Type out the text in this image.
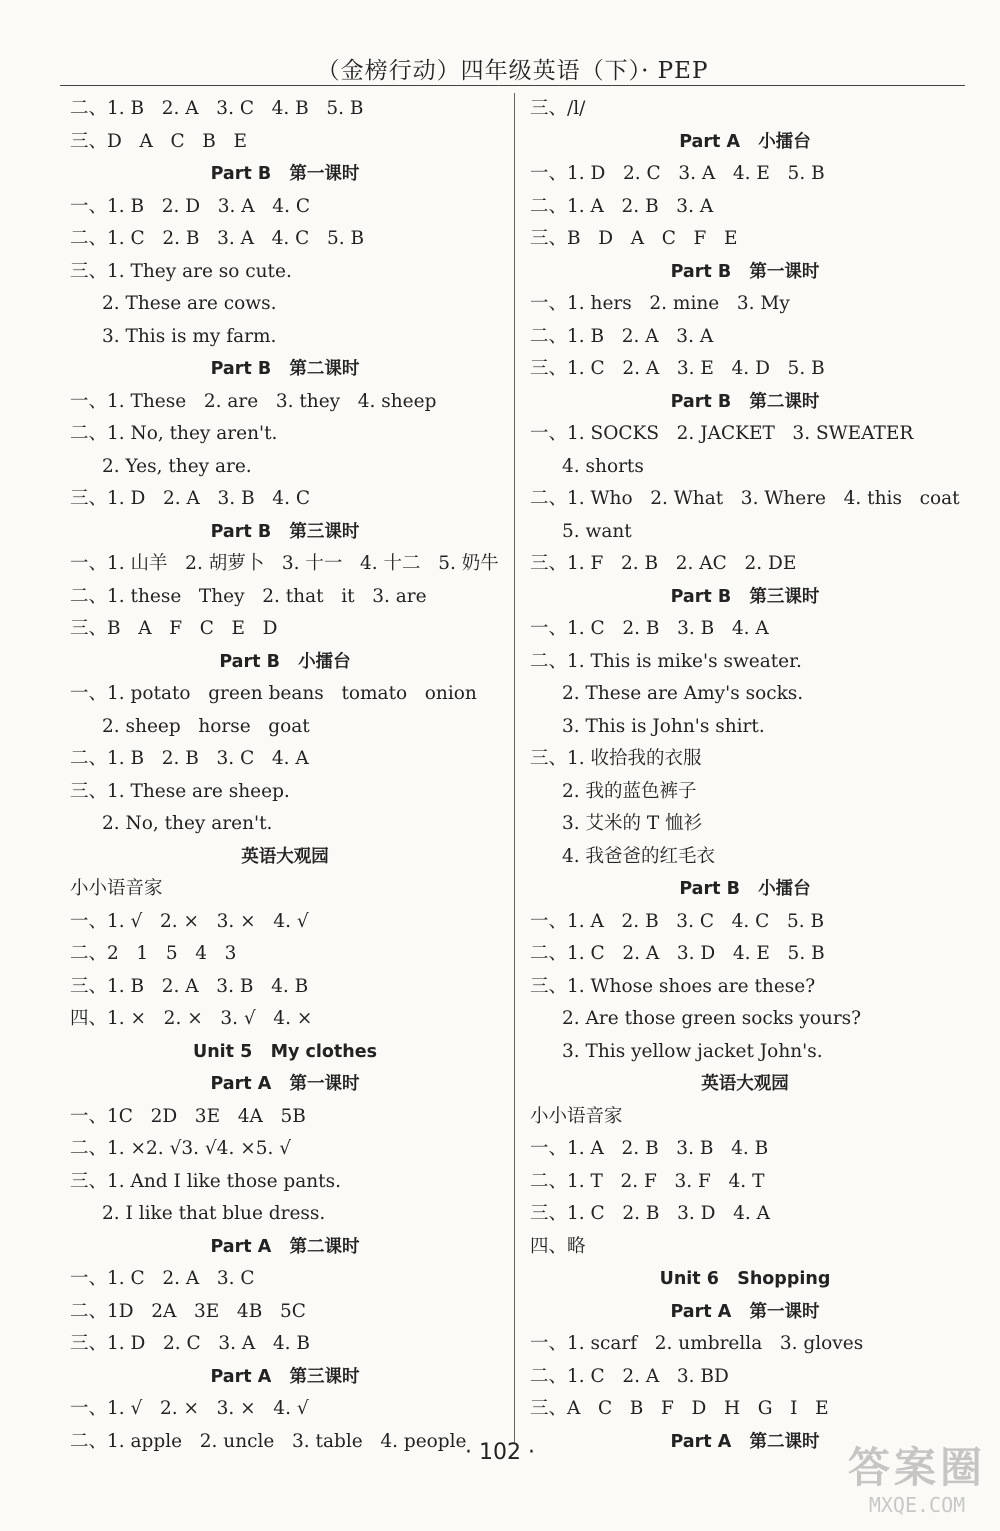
（金榜行动）四年级英语（下）· PEP
二、1. B   2. A   3. C   4. B   5. B
三、D   A   C   B   E
Part B   第一课时
一、1. B   2. D   3. A   4. C
二、1. C   2. B   3. A   4. C   5. B
三、1. They are so cute.
2. These are cows.
3. This is my farm.
Part B   第二课时
一、1. These   2. are   3. they   4. sheep
二、1. No, they aren't.
2. Yes, they are.
三、1. D   2. A   3. B   4. C
Part B   第三课时
一、1. 山羊   2. 胡萝卜   3. 十一   4. 十二   5. 奶牛
二、1. these   They   2. that   it   3. are
三、B   A   F   C   E   D
Part B   小擂台
一、1. potato   green beans   tomato   onion
2. sheep   horse   goat
二、1. B   2. B   3. C   4. A
三、1. These are sheep.
2. No, they aren't.
英语大观园
小小语音家
一、1. √   2. ×   3. ×   4. √
二、2   1   5   4   3
三、1. B   2. A   3. B   4. B
四、1. ×   2. ×   3. √   4. ×
Unit 5   My clothes
Part A   第一课时
一、1C   2D   3E   4A   5B
二、1. ×2. √3. √4. ×5. √
三、1. And I like those pants.
2. I like that blue dress.
Part A   第二课时
一、1. C   2. A   3. C
二、1D   2A   3E   4B   5C
三、1. D   2. C   3. A   4. B
Part A   第三课时
一、1. √   2. ×   3. ×   4. √
二、1. apple   2. uncle   3. table   4. people
三、/l/
Part A   小擂台
一、1. D   2. C   3. A   4. E   5. B
二、1. A   2. B   3. A
三、B   D   A   C   F   E
Part B   第一课时
一、1. hers   2. mine   3. My
二、1. B   2. A   3. A
三、1. C   2. A   3. E   4. D   5. B
Part B   第二课时
一、1. SOCKS   2. JACKET   3. SWEATER
4. shorts
二、1. Who   2. What   3. Where   4. this   coat
5. want
三、1. F   2. B   2. AC   2. DE
Part B   第三课时
一、1. C   2. B   3. B   4. A
二、1. This is mike's sweater.
2. These are Amy's socks.
3. This is John's shirt.
三、1. 收拾我的衣服
2. 我的蓝色裤子
3. 艾米的 T 恤衫
4. 我爸爸的红毛衣
Part B   小擂台
一、1. A   2. B   3. C   4. C   5. B
二、1. C   2. A   3. D   4. E   5. B
三、1. Whose shoes are these?
2. Are those green socks yours?
3. This yellow jacket John's.
英语大观园
小小语音家
一、1. A   2. B   3. B   4. B
二、1. T   2. F   3. F   4. T
三、1. C   2. B   3. D   4. A
四、略
Unit 6   Shopping
Part A   第一课时
一、1. scarf   2. umbrella   3. gloves
二、1. C   2. A   3. BD
三、A   C   B   F   D   H   G   I   E
Part A   第二课时
· 102 ·	答案圈
MXQE.COM
